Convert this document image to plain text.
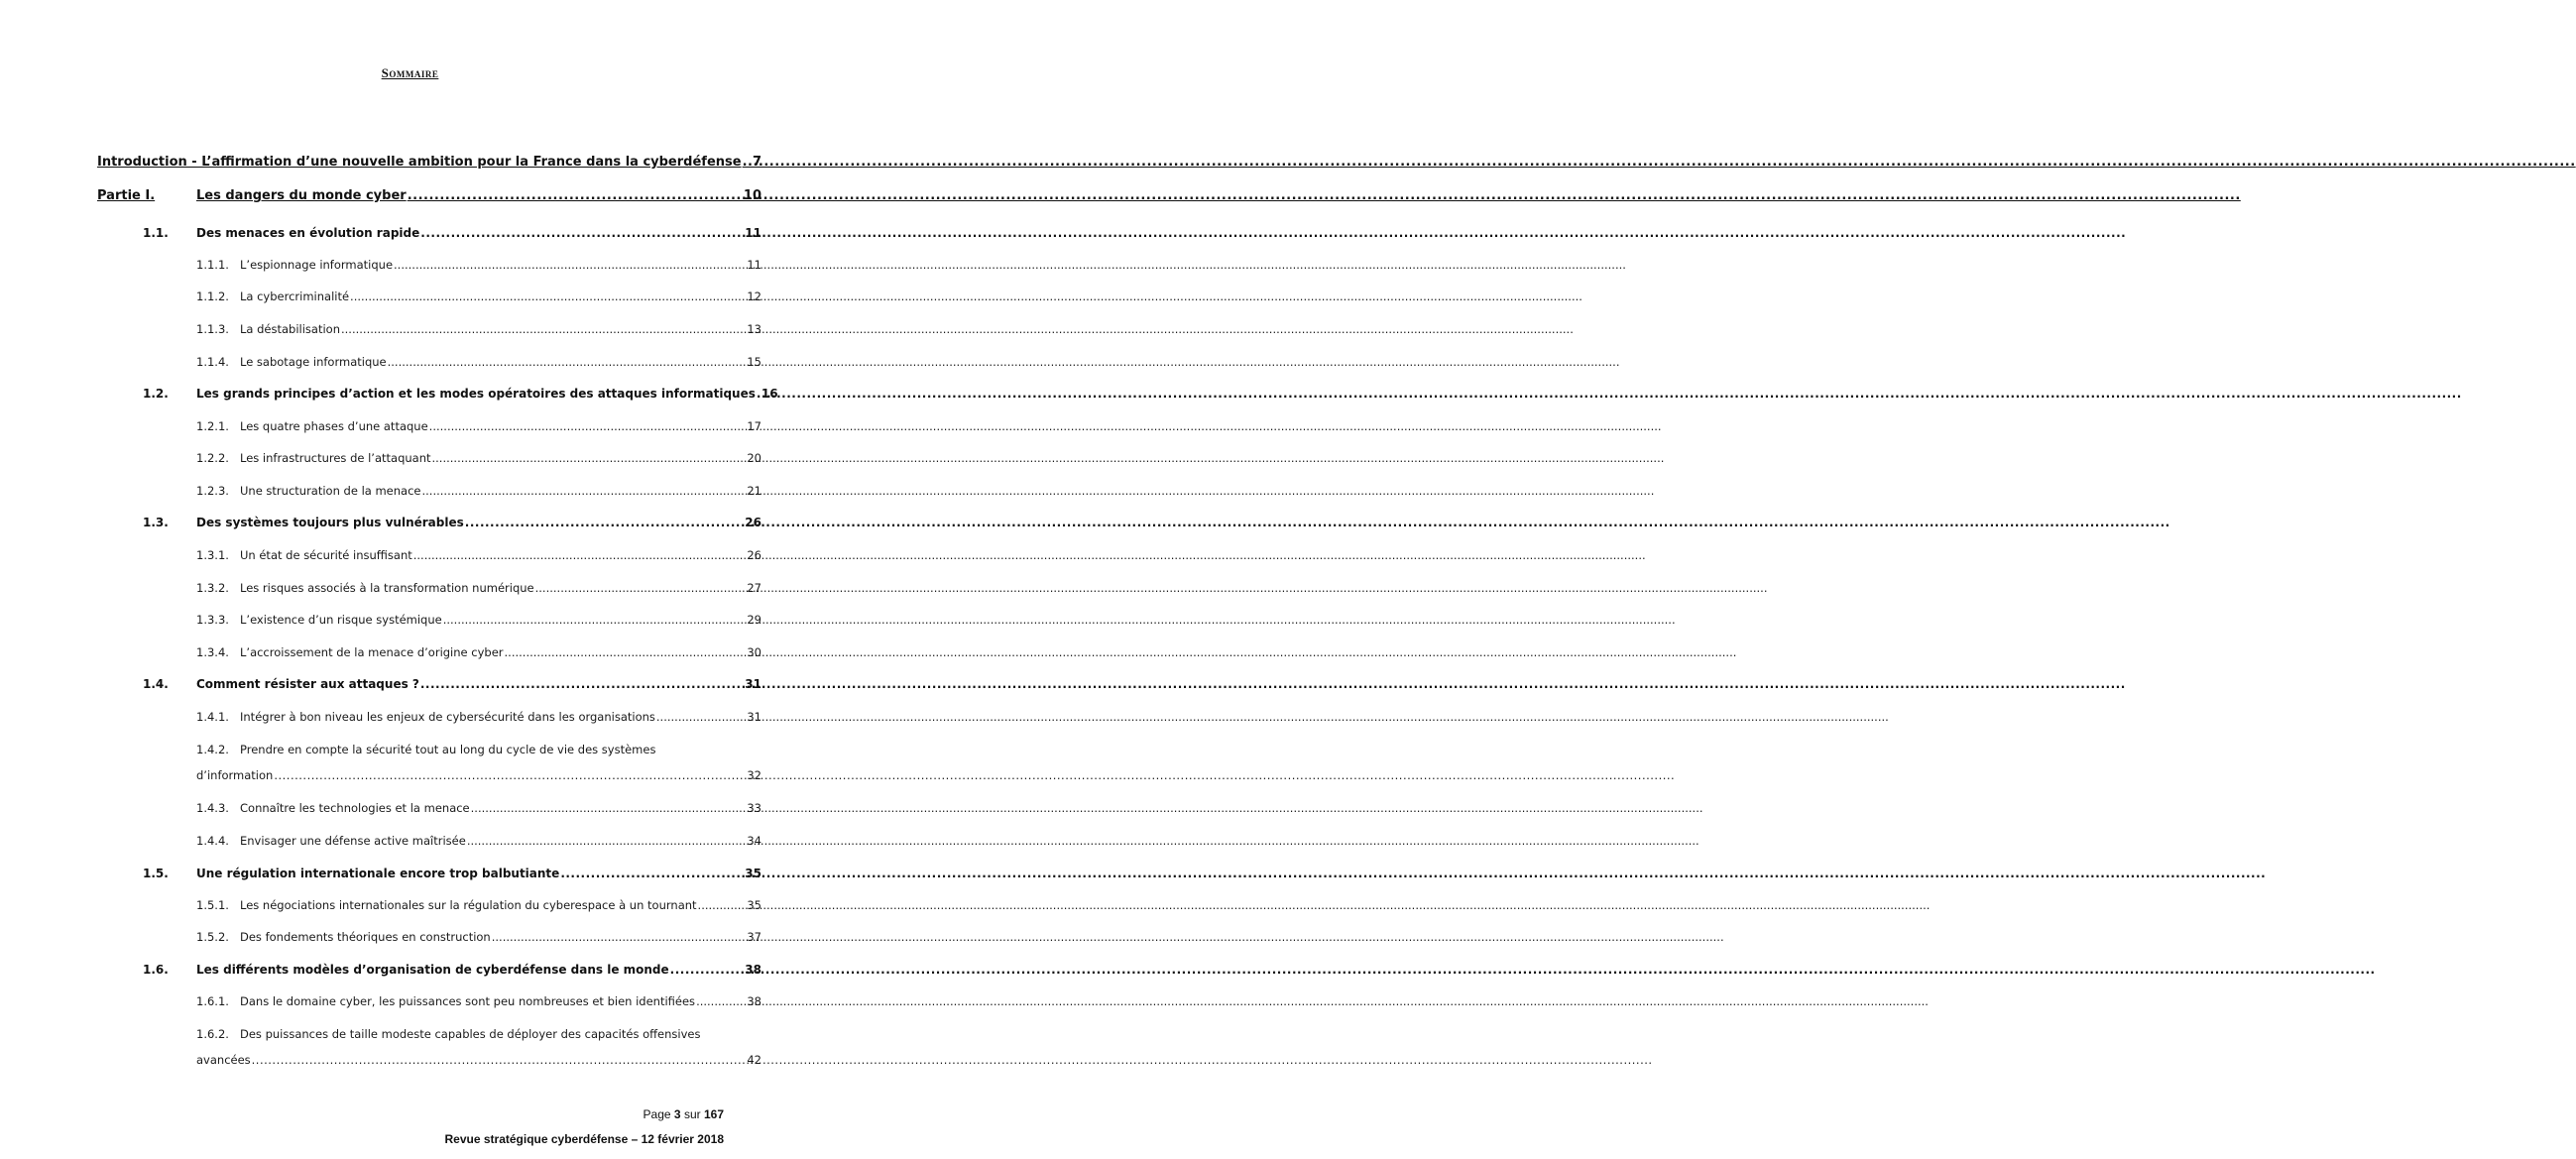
Sommaire
Introduction - L’affirmation d’une nouvelle ambition pour la France dans la cyberdéfense ..... 7
Partie I.	Les dangers du monde cyber .....	10
1.1.	Des menaces en évolution rapide .....	11
1.1.1. L’espionnage informatique .....	11
1.1.2. La cybercriminalité .....	12
1.1.3. La déstabilisation .....	13
1.1.4. Le sabotage informatique .....	15
1.2.	Les grands principes d’action et les modes opératoires des attaques informatiques ..... 16
1.2.1. Les quatre phases d’une attaque .....	17
1.2.2. Les infrastructures de l’attaquant .....	20
1.2.3. Une structuration de la menace .....	21
1.3.	Des systèmes toujours plus vulnérables .....	26
1.3.1. Un état de sécurité insuffisant .....	26
1.3.2. Les risques associés à la transformation numérique .....	27
1.3.3. L’existence d’un risque systémique .....	29
1.3.4. L’accroissement de la menace d’origine cyber .....	30
1.4.	Comment résister aux attaques ? .....	31
1.4.1. Intégrer à bon niveau les enjeux de cybersécurité dans les organisations .....	31
1.4.2. Prendre en compte la sécurité tout au long du cycle de vie des systèmes
d’information .....	32
1.4.3. Connaître les technologies et la menace .....	33
1.4.4. Envisager une défense active maîtrisée .....	34
1.5.	Une régulation internationale encore trop balbutiante .....	35
1.5.1. Les négociations internationales sur la régulation du cyberespace à un tournant .....	35
1.5.2. Des fondements théoriques en construction .....	37
1.6.	Les différents modèles d’organisation de cyberdéfense dans le monde .....	38
1.6.1. Dans le domaine cyber, les puissances sont peu nombreuses et bien identifiées .....	38
1.6.2. Des puissances de taille modeste capables de déployer des capacités offensives
avancées .....	42
Page 3 sur 167
Revue stratégique cyberdéfense – 12 février 2018
